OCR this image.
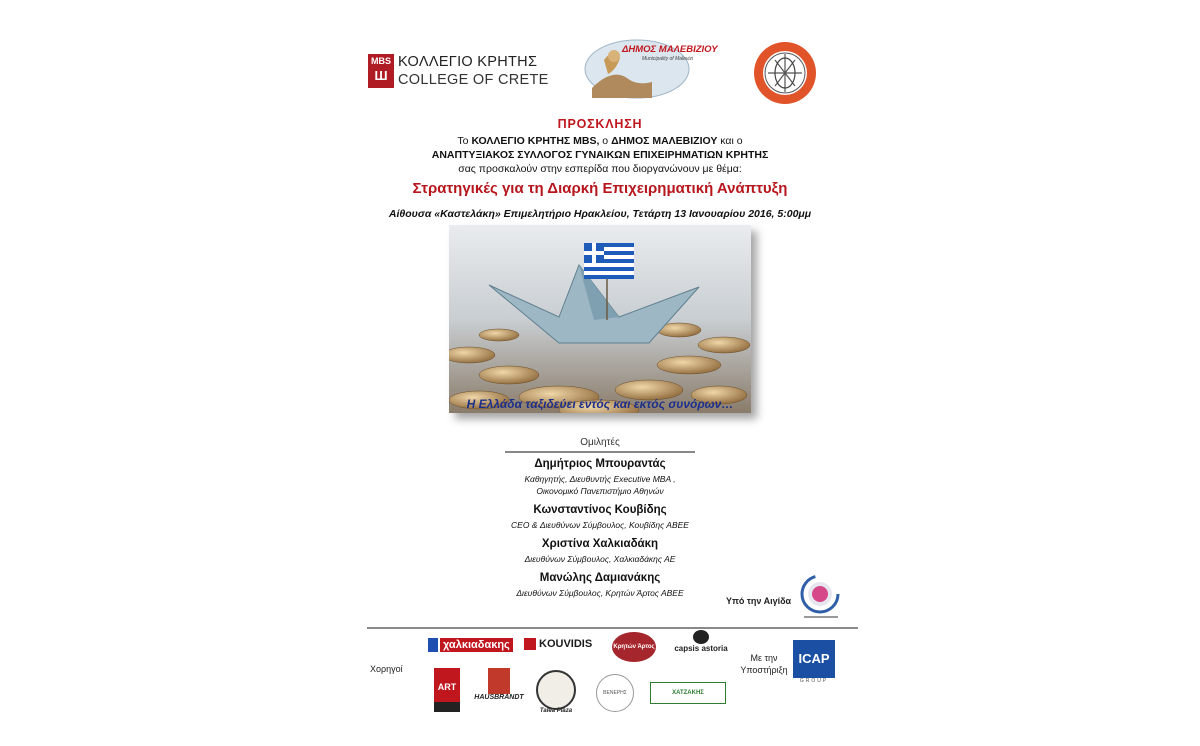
MBS
Ш
ΚΟΛΛΕΓΙΟ ΚΡΗΤΗΣ
COLLEGE OF CRETE
ΔΗΜΟΣ ΜΑΛΕΒΙΖΙΟΥ
Municipality of Malevizi
ΠΡΟΣΚΛΗΣΗ
Το ΚΟΛΛΕΓΙΟ ΚΡΗΤΗΣ MBS, ο ΔΗΜΟΣ ΜΑΛΕΒΙΖΙΟΥ και ο
ΑΝΑΠΤΥΞΙΑΚΟΣ ΣΥΛΛΟΓΟΣ ΓΥΝΑΙΚΩΝ ΕΠΙΧΕΙΡΗΜΑΤΙΩΝ ΚΡΗΤΗΣ
σας προσκαλούν στην εσπερίδα που διοργανώνουν με θέμα:
Στρατηγικές για τη Διαρκή Επιχειρηματική Ανάπτυξη
Αίθουσα «Καστελάκη» Επιμελητήριο Ηρακλείου, Τετάρτη 13 Ιανουαρίου 2016, 5:00μμ
Η Ελλάδα ταξιδεύει εντός και εκτός συνόρων…
Ομιλητές
Δημήτριος Μπουραντάς
Καθηγητής, Διευθυντής Executive MBA ,
Οικονομικό Πανεπιστήμιο Αθηνών
Κωνσταντίνος Κουβίδης
CEO & Διευθύνων Σύμβουλος, Κουβίδης ΑΒΕΕ
Χριστίνα Χαλκιαδάκη
Διευθύνων Σύμβουλος, Χαλκιαδάκης ΑΕ
Μανώλης Δαμιανάκης
Διευθύνων Σύμβουλος, Κρητών Άρτος ΑΒΕΕ
Υπό την Αιγίδα
Χορηγοί
Με την Υποστήριξη
χαλκιαδακης	KOUVIDIS	Κρητών Άρτος	capsis astoria
ART
HAUSBRANDT
Talea Plaza
ΒΕΝΕΡΗΣ	ΧΑΤΖΑΚΗΣ
ICAP
GROUP
